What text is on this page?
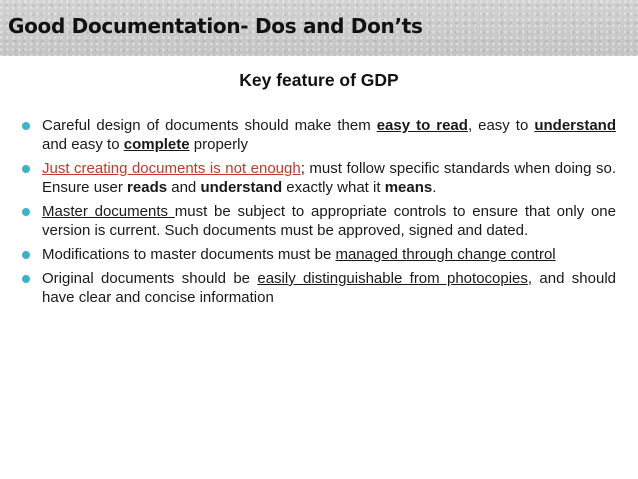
Good Documentation- Dos and Don’ts
Key feature of GDP
Careful design of documents should make them easy to read, easy to understand and easy to complete properly
Just creating documents is not enough; must follow specific standards when doing so. Ensure user reads and understand exactly what it means.
Master documents must be subject to appropriate controls to ensure that only one version is current. Such documents must be approved, signed and dated.
Modifications to master documents must be managed through change control
Original documents should be easily distinguishable from photocopies, and should have clear and concise information
